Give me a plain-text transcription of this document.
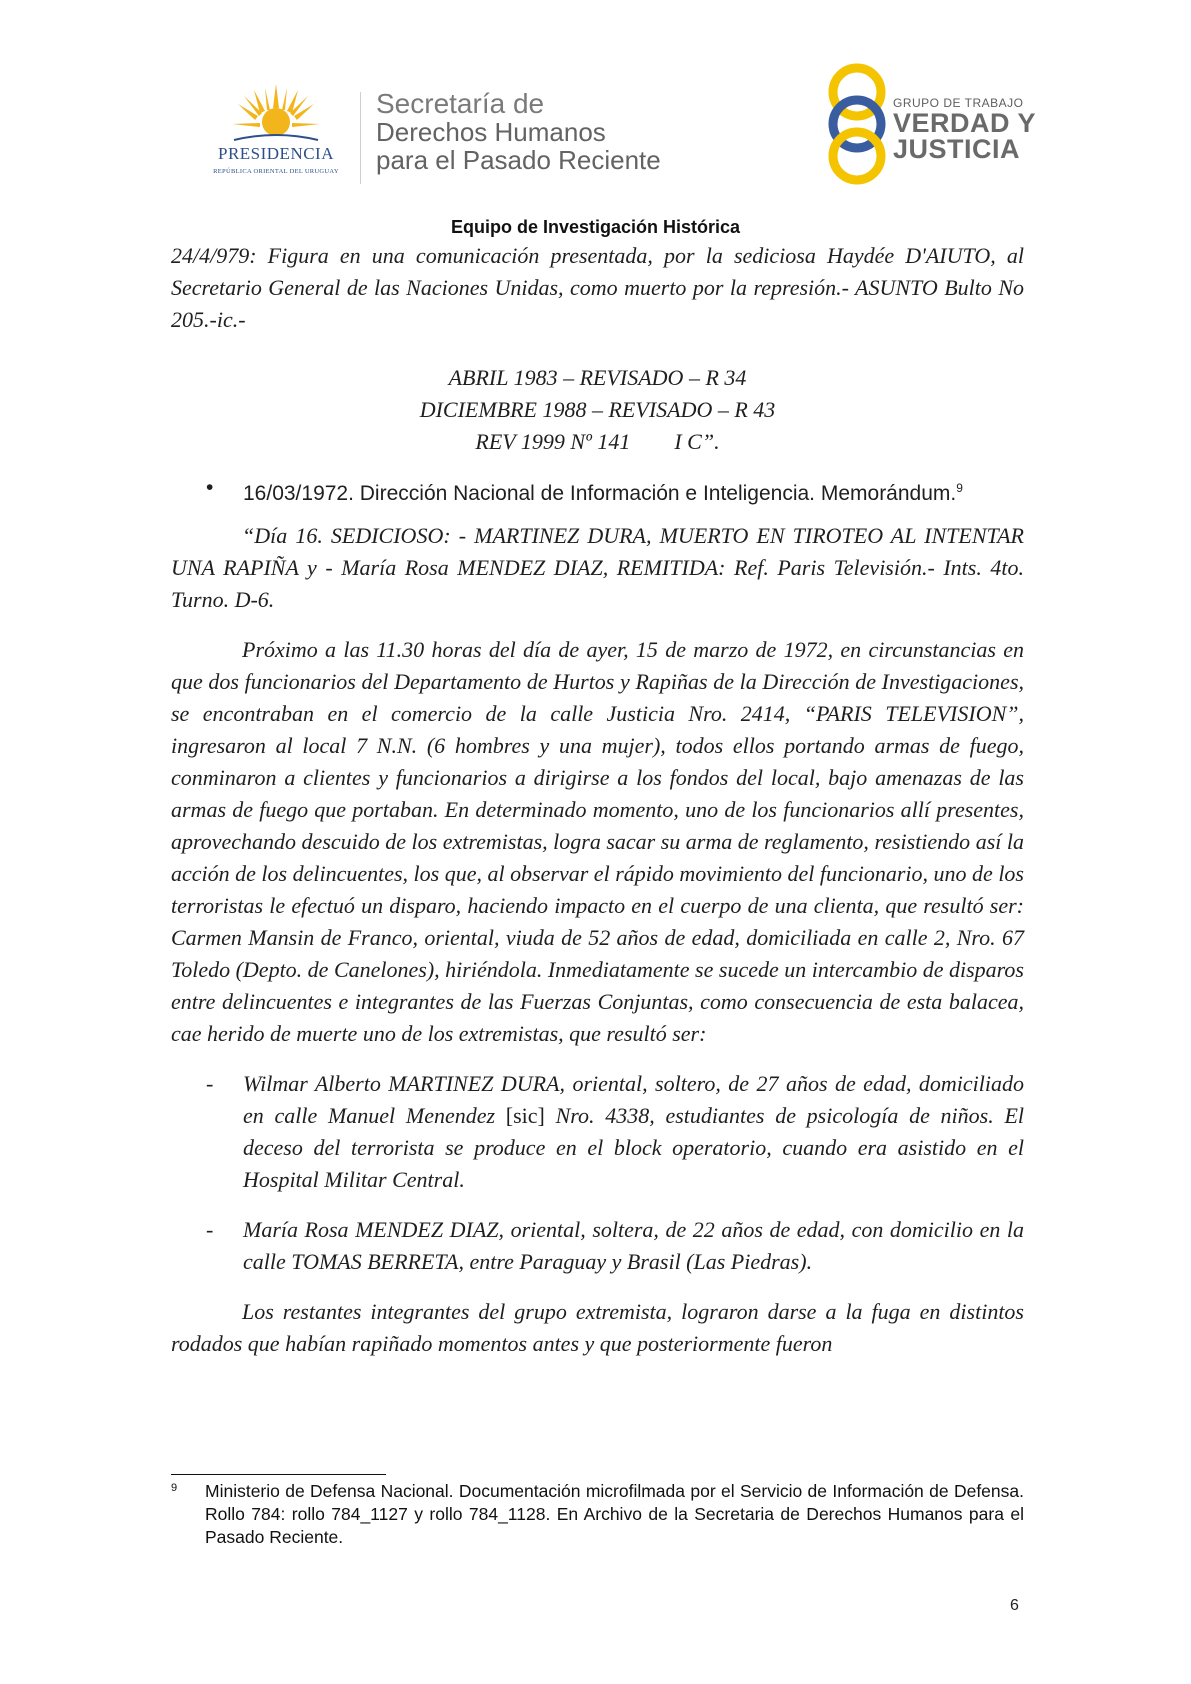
PRESIDENCIA
REPÚBLICA ORIENTAL DEL URUGUAY
Secretaría de
Derechos Humanos
para el Pasado Reciente
GRUPO DE TRABAJO
VERDAD Y
JUSTICIA
Equipo de Investigación Histórica

24/4/979: Figura en una comunicación presentada, por la sediciosa Haydée D'AIUTO, al Secretario General de las Naciones Unidas, como muerto por la represión.- ASUNTO Bulto No 205.-ic.-

ABRIL 1983 – REVISADO – R 34
DICIEMBRE 1988 – REVISADO – R 43
REV 1999 Nº 141        I C”.
•	16/03/1972. Dirección Nacional de Información e Inteligencia. Memorándum.$^9$

“Día 16. SEDICIOSO: - MARTINEZ DURA, MUERTO EN TIROTEO AL INTENTAR UNA RAPIÑA y - María Rosa MENDEZ DIAZ, REMITIDA: Ref. Paris Televisión.- Ints. 4to. Turno. D-6.

Próximo a las 11.30 horas del día de ayer, 15 de marzo de 1972, en circunstancias en que dos funcionarios del Departamento de Hurtos y Rapiñas de la Dirección de Investigaciones, se encontraban en el comercio de la calle Justicia Nro. 2414, “PARIS TELEVISION”, ingresaron al local 7 N.N. (6 hombres y una mujer), todos ellos portando armas de fuego, conminaron a clientes y funcionarios a dirigirse a los fondos del local, bajo amenazas de las armas de fuego que portaban. En determinado momento, uno de los funcionarios allí presentes, aprovechando descuido de los extremistas, logra sacar su arma de reglamento, resistiendo así la acción de los delincuentes, los que, al observar el rápido movimiento del funcionario, uno de los terroristas le efectuó un disparo, haciendo impacto en el cuerpo de una clienta, que resultó ser: Carmen Mansin de Franco, oriental, viuda de 52 años de edad, domiciliada en calle 2, Nro. 67 Toledo (Depto. de Canelones), hiriéndola. Inmediatamente se sucede un intercambio de disparos entre delincuentes e integrantes de las Fuerzas Conjuntas, como consecuencia de esta balacea, cae herido de muerte uno de los extremistas, que resultó ser:

-	Wilmar Alberto MARTINEZ DURA, oriental, soltero, de 27 años de edad, domiciliado en calle Manuel Menendez [sic] Nro. 4338, estudiantes de psicología de niños. El deceso del terrorista se produce en el block operatorio, cuando era asistido en el Hospital Militar Central.
-	María Rosa MENDEZ DIAZ, oriental, soltera, de 22 años de edad, con domicilio en la calle TOMAS BERRETA, entre Paraguay y Brasil (Las Piedras).

Los restantes integrantes del grupo extremista, lograron darse a la fuga en distintos rodados que habían rapiñado momentos antes y que posteriormente fueron

9	Ministerio de Defensa Nacional. Documentación microfilmada por el Servicio de Información de Defensa. Rollo 784: rollo 784_1127 y rollo 784_1128. En Archivo de la Secretaria de Derechos Humanos para el Pasado Reciente.
6
